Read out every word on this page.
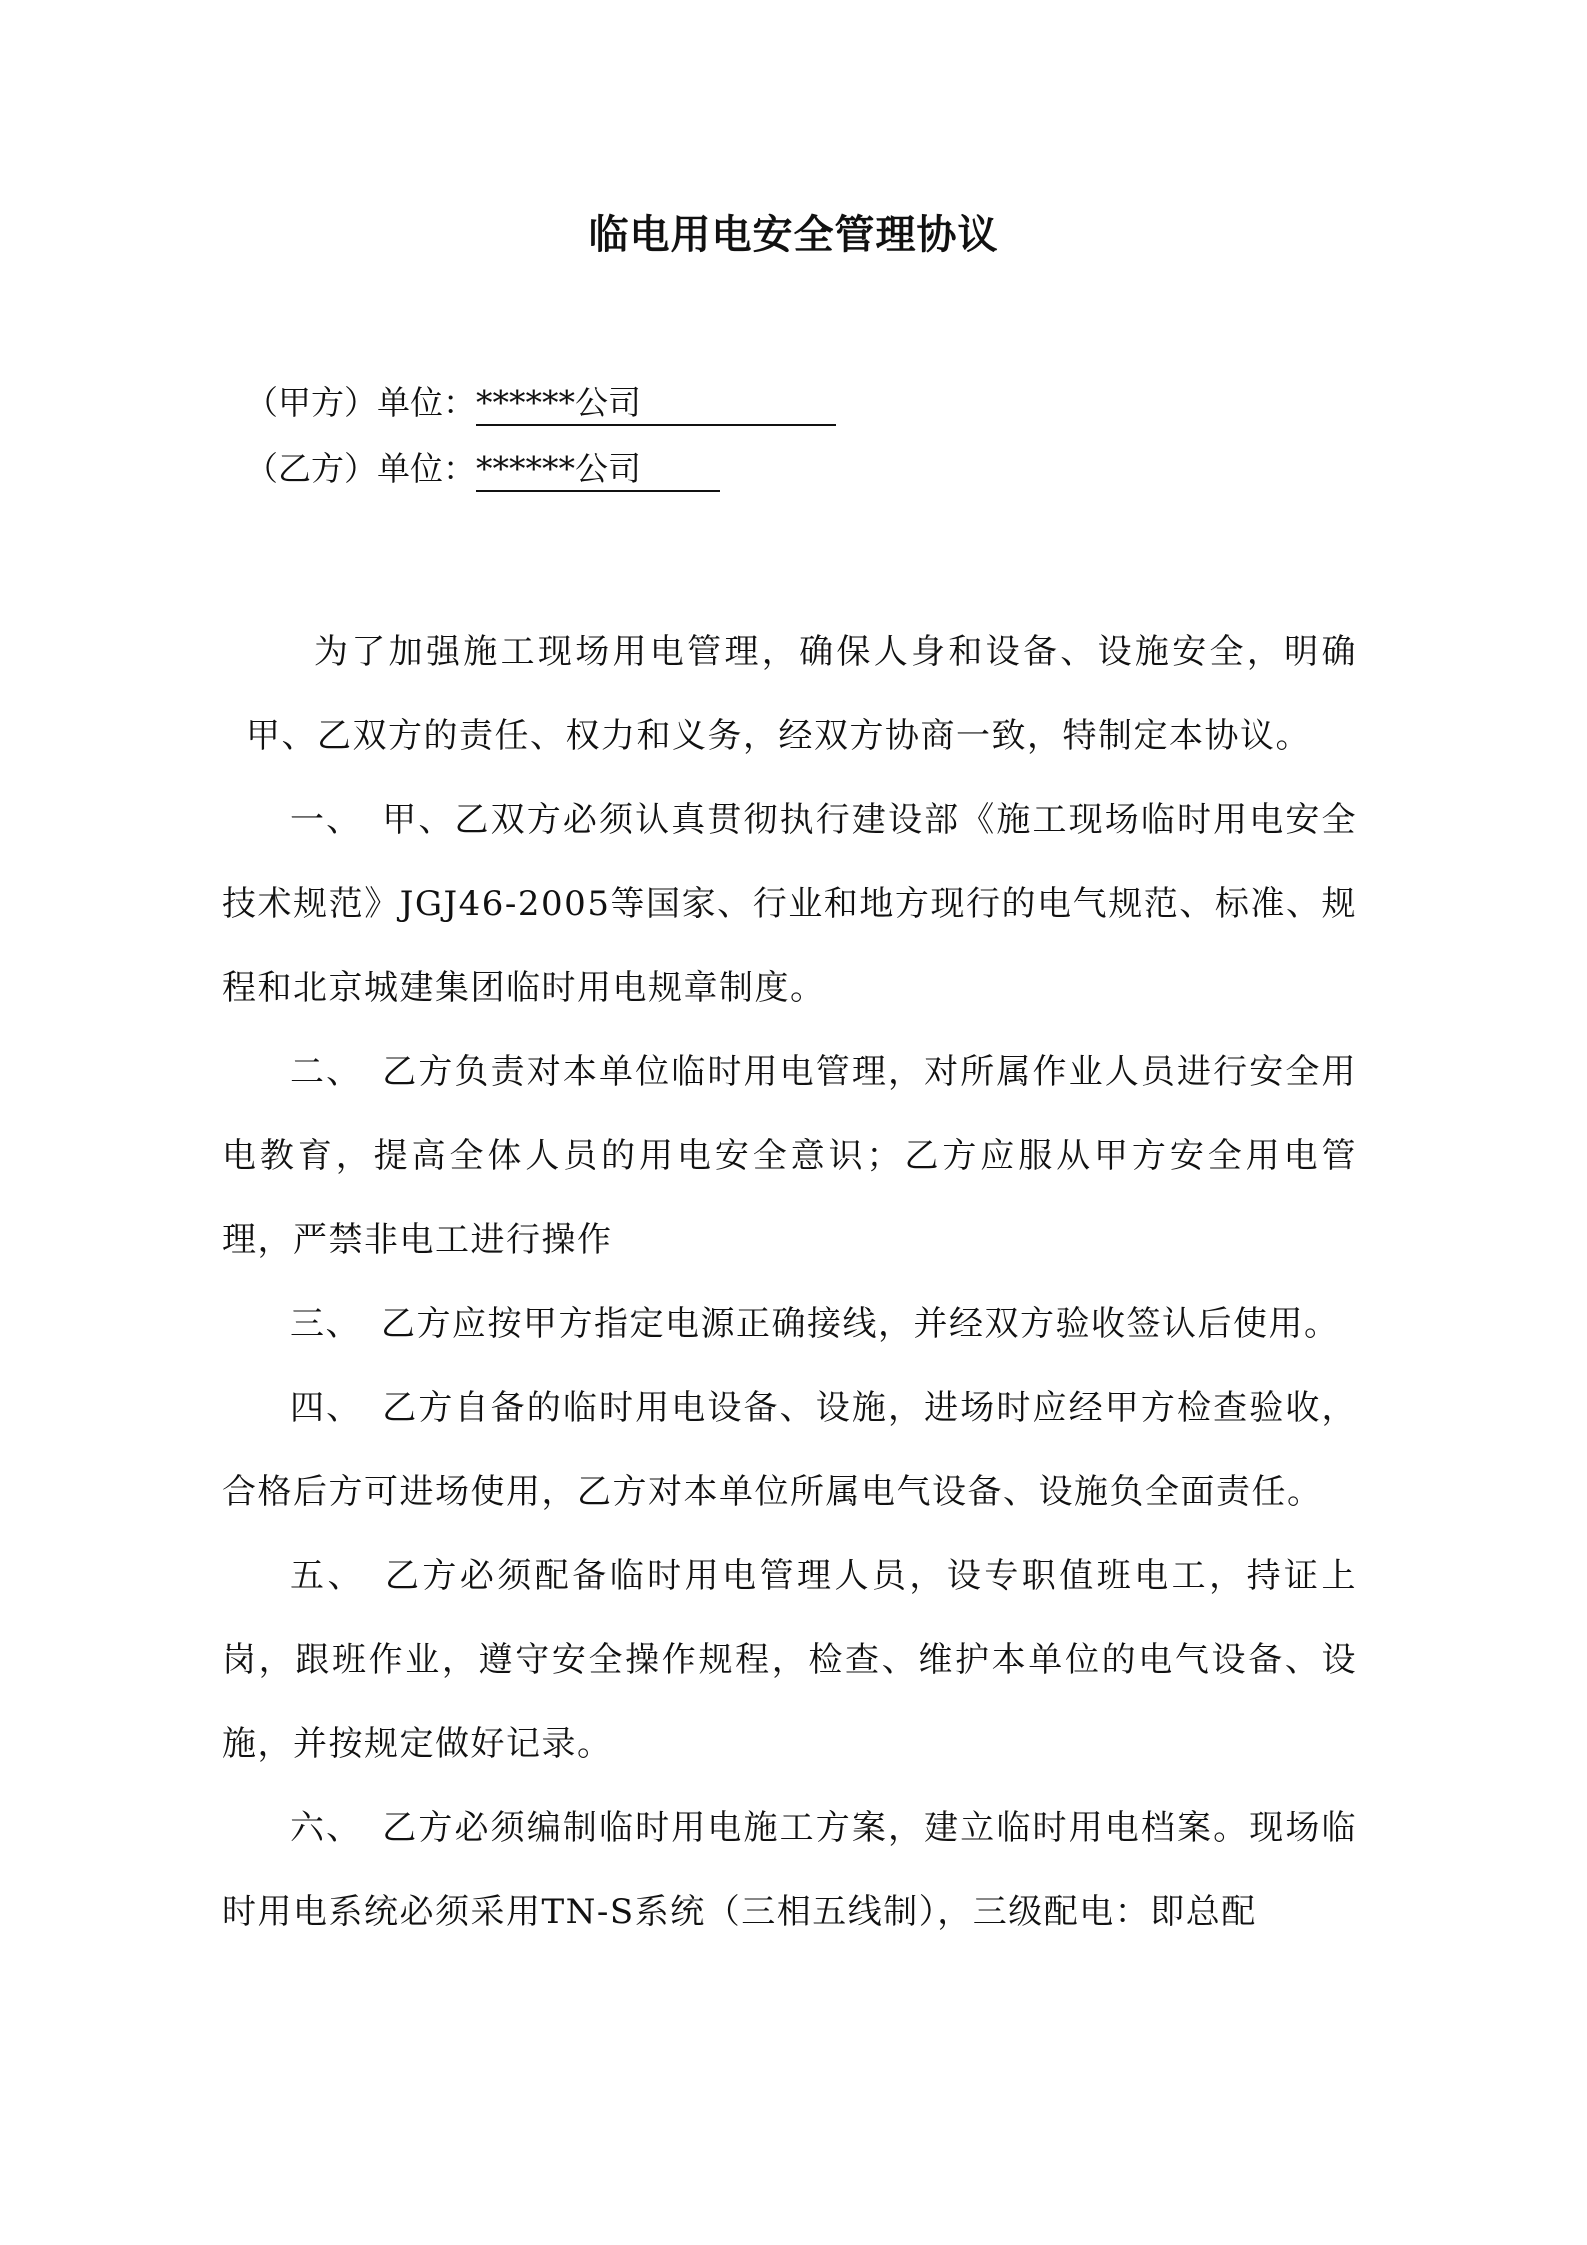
临电用电安全管理协议
（甲方）单位：******公司
（乙方）单位：******公司

为了加强施工现场用电管理，确保人身和设备、设施安全，明确甲、乙双方的责任、权力和义务，经双方协商一致，特制定本协议。

一、 甲、乙双方必须认真贯彻执行建设部《施工现场临时用电安全技术规范》JGJ46-2005等国家、行业和地方现行的电气规范、标准、规程和北京城建集团临时用电规章制度。

二、 乙方负责对本单位临时用电管理，对所属作业人员进行安全用电教育，提高全体人员的用电安全意识；乙方应服从甲方安全用电管理，严禁非电工进行操作

三、 乙方应按甲方指定电源正确接线，并经双方验收签认后使用。

四、 乙方自备的临时用电设备、设施，进场时应经甲方检查验收，合格后方可进场使用，乙方对本单位所属电气设备、设施负全面责任。

五、 乙方必须配备临时用电管理人员，设专职值班电工，持证上岗，跟班作业，遵守安全操作规程，检查、维护本单位的电气设备、设施，并按规定做好记录。

六、 乙方必须编制临时用电施工方案，建立临时用电档案。现场临时用电系统必须采用TN-S系统（三相五线制），三级配电：即总配
